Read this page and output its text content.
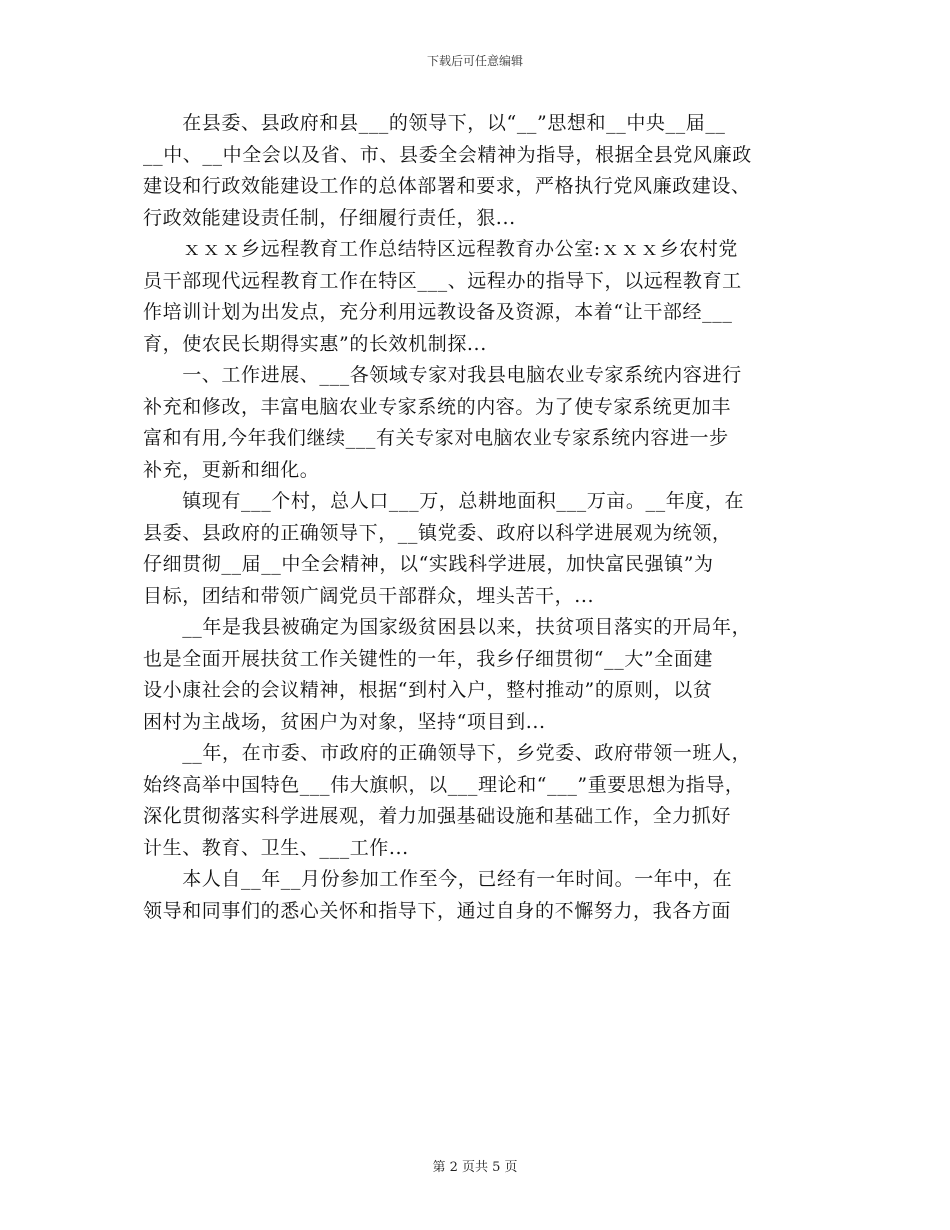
下载后可任意编辑

　　在县委、县政府和县___的领导下，以“__”思想和__中央__届__

__中、__中全会以及省、市、县委全会精神为指导，根据全县党风廉政

建设和行政效能建设工作的总体部署和要求，严格执行党风廉政建设、

行政效能建设责任制，仔细履行责任，狠...

　　ｘｘｘ乡远程教育工作总结特区远程教育办公室:ｘｘｘ乡农村党

员干部现代远程教育工作在特区___、远程办的指导下，以远程教育工

作培训计划为出发点，充分利用远教设备及资源，本着“让干部经___

育，使农民长期得实惠”的长效机制探...

　　一、工作进展、___各领域专家对我县电脑农业专家系统内容进行

补充和修改，丰富电脑农业专家系统的内容。为了使专家系统更加丰

富和有用,今年我们继续___有关专家对电脑农业专家系统内容进一步

补充，更新和细化。

　　镇现有___个村，总人口___万，总耕地面积___万亩。__年度，在

县委、县政府的正确领导下，__镇党委、政府以科学进展观为统领，

仔细贯彻__届__中全会精神，以“实践科学进展，加快富民强镇”为

目标，团结和带领广阔党员干部群众，埋头苦干，...

　　__年是我县被确定为国家级贫困县以来，扶贫项目落实的开局年，

也是全面开展扶贫工作关键性的一年，我乡仔细贯彻“__大”全面建

设小康社会的会议精神，根据“到村入户，整村推动”的原则，以贫

困村为主战场，贫困户为对象，坚持“项目到...

　　__年，在市委、市政府的正确领导下，乡党委、政府带领一班人，

始终高举中国特色___伟大旗帜，以___理论和“___”重要思想为指导，

深化贯彻落实科学进展观，着力加强基础设施和基础工作，全力抓好

计生、教育、卫生、___工作...

　　本人自__年__月份参加工作至今，已经有一年时间。一年中，在

领导和同事们的悉心关怀和指导下，通过自身的不懈努力，我各方面

第 2 页共 5 页
